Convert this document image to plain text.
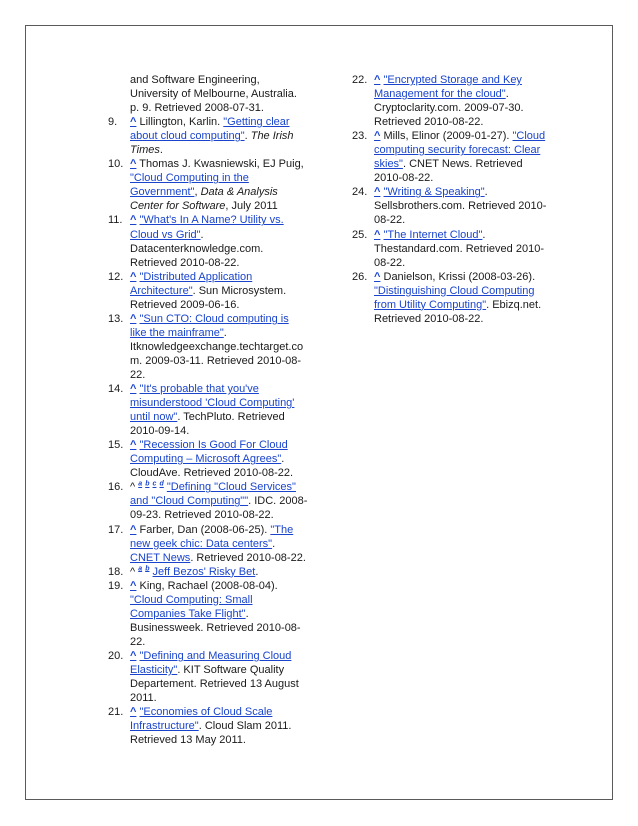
and Software Engineering, University of Melbourne, Australia. p. 9. Retrieved 2008-07-31.
9. ^ Lillington, Karlin. "Getting clear about cloud computing". The Irish Times.
10. ^ Thomas J. Kwasniewski, EJ Puig, "Cloud Computing in the Government", Data & Analysis Center for Software, July 2011
11. ^ "What's In A Name? Utility vs. Cloud vs Grid". Datacenterknowledge.com. Retrieved 2010-08-22.
12. ^ "Distributed Application Architecture". Sun Microsystem. Retrieved 2009-06-16.
13. ^ "Sun CTO: Cloud computing is like the mainframe". Itknowledgeexchange.techtarget.co m. 2009-03-11. Retrieved 2010-08-22.
14. ^ "It's probable that you've misunderstood 'Cloud Computing' until now". TechPluto. Retrieved 2010-09-14.
15. ^ "Recession Is Good For Cloud Computing – Microsoft Agrees". CloudAve. Retrieved 2010-08-22.
16. ^ $^a$ $^b$ $^c$ $^d$ "Defining "Cloud Services" and "Cloud Computing"". IDC. 2008-09-23. Retrieved 2010-08-22.
17. ^ Farber, Dan (2008-06-25). "The new geek chic: Data centers". CNET News. Retrieved 2010-08-22.
18. ^ $^a$ $^b$ Jeff Bezos' Risky Bet.
19. ^ King, Rachael (2008-08-04). "Cloud Computing: Small Companies Take Flight". Businessweek. Retrieved 2010-08-22.
20. ^ "Defining and Measuring Cloud Elasticity". KIT Software Quality Departement. Retrieved 13 August 2011.
21. ^ "Economies of Cloud Scale Infrastructure". Cloud Slam 2011. Retrieved 13 May 2011.
22. ^ "Encrypted Storage and Key Management for the cloud". Cryptoclarity.com. 2009-07-30. Retrieved 2010-08-22.
23. ^ Mills, Elinor (2009-01-27). "Cloud computing security forecast: Clear skies". CNET News. Retrieved 2010-08-22.
24. ^ "Writing & Speaking". Sellsbrothers.com. Retrieved 2010-08-22.
25. ^ "The Internet Cloud". Thestandard.com. Retrieved 2010-08-22.
26. ^ Danielson, Krissi (2008-03-26). "Distinguishing Cloud Computing from Utility Computing". Ebizq.net. Retrieved 2010-08-22.
